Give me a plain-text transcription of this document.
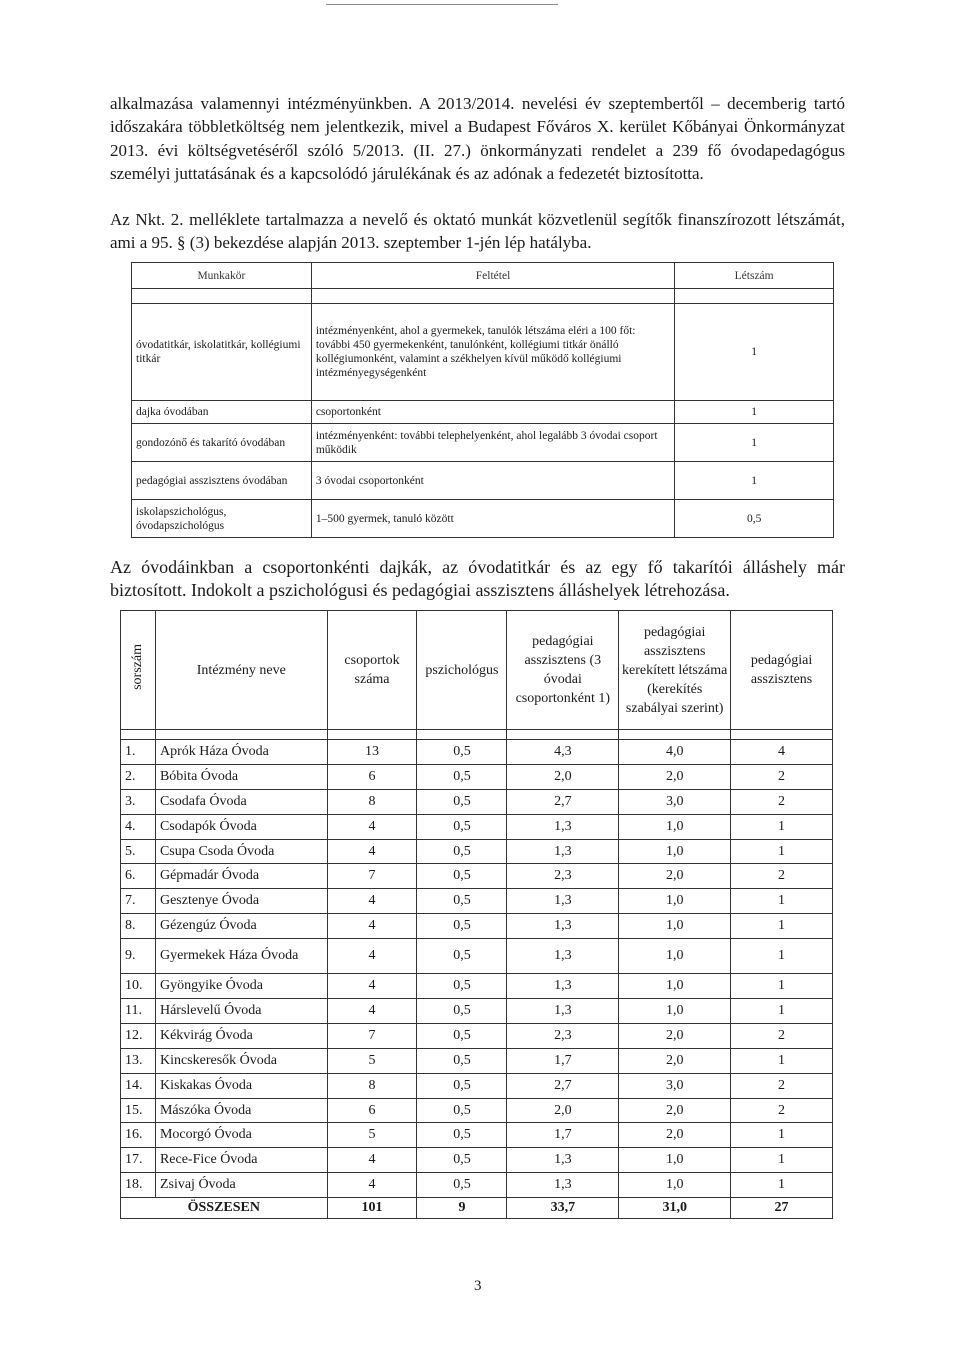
alkalmazása valamennyi intézményünkben. A 2013/2014. nevelési év szeptembertől – decemberig tartó időszakára többletköltség nem jelentkezik, mivel a Budapest Főváros X. kerület Kőbányai Önkormányzat 2013. évi költségvetéséről szóló 5/2013. (II. 27.) önkormányzati rendelet a 239 fő óvodapedagógus személyi juttatásának és a kapcsolódó járulékának és az adónak a fedezetét biztosította.

Az Nkt. 2. melléklete tartalmazza a nevelő és oktató munkát közvetlenül segítők finanszírozott létszámát, ami a 95. § (3) bekezdése alapján 2013. szeptember 1-jén lép hatályba.

Munkakör	Feltétel	Létszám

óvodatitkár, iskolatitkár, kollégiumi titkár	intézményenként, ahol a gyermekek, tanulók létszáma eléri a 100 főt: további 450 gyermekenként, tanulónként, kollégiumi titkár önálló kollégiumonként, valamint a székhelyen kívül működő kollégiumi intézményegységenként	1
dajka óvodában	csoportonként	1
gondozónő és takarító óvodában	intézményenként: további telephelyenként, ahol legalább 3 óvodai csoport működik	1
pedagógiai asszisztens óvodában	3 óvodai csoportonként	1
iskolapszichológus, óvodapszichológus	1–500 gyermek, tanuló között	0,5

Az óvodáinkban a csoportonkénti dajkák, az óvodatitkár és az egy fő takarítói álláshely már biztosított. Indokolt a pszichológusi és pedagógiai asszisztens álláshelyek létrehozása.

sorszám	Intézmény neve	csoportok száma	pszichológus	pedagógiai asszisztens (3 óvodai csoportonként 1)	pedagógiai asszisztens kerekített létszáma (kerekítés szabályai szerint)	pedagógiai asszisztens

1.	Aprók Háza Óvoda	13	0,5	4,3	4,0	4
2.	Bóbita Óvoda	6	0,5	2,0	2,0	2
3.	Csodafa Óvoda	8	0,5	2,7	3,0	2
4.	Csodapók Óvoda	4	0,5	1,3	1,0	1
5.	Csupa Csoda Óvoda	4	0,5	1,3	1,0	1
6.	Gépmadár Óvoda	7	0,5	2,3	2,0	2
7.	Gesztenye Óvoda	4	0,5	1,3	1,0	1
8.	Gézengúz Óvoda	4	0,5	1,3	1,0	1
9.	Gyermekek Háza Óvoda	4	0,5	1,3	1,0	1
10.	Gyöngyike Óvoda	4	0,5	1,3	1,0	1
11.	Hárslevelű Óvoda	4	0,5	1,3	1,0	1
12.	Kékvirág Óvoda	7	0,5	2,3	2,0	2
13.	Kincskeresők Óvoda	5	0,5	1,7	2,0	1
14.	Kiskakas Óvoda	8	0,5	2,7	3,0	2
15.	Mászóka Óvoda	6	0,5	2,0	2,0	2
16.	Mocorgó Óvoda	5	0,5	1,7	2,0	1
17.	Rece-Fice Óvoda	4	0,5	1,3	1,0	1
18.	Zsivaj Óvoda	4	0,5	1,3	1,0	1
ÖSSZESEN		101	9	33,7	31,0	27
3
